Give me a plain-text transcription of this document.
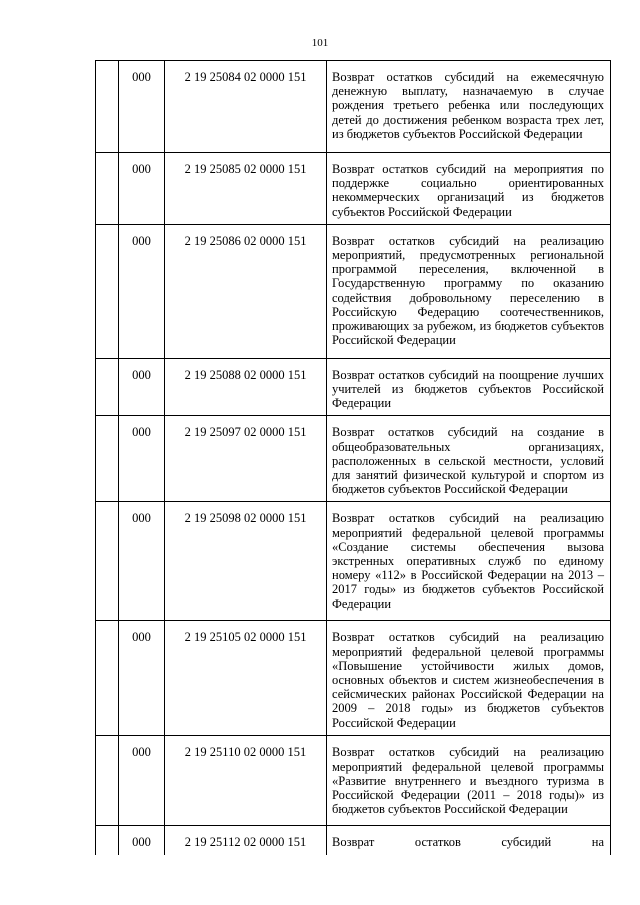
101
	000	2 19 25084 02 0000 151	Возврат остатков субсидий на ежемесячную денежную выплату, назначаемую в случае рождения третьего ребенка или последующих детей до достижения ребенком возраста трех лет, из бюджетов субъектов Российской Федерации
	000	2 19 25085 02 0000 151	Возврат остатков субсидий на мероприятия по поддержке социально ориентированных некоммерческих организаций из бюджетов субъектов Российской Федерации
	000	2 19 25086 02 0000 151	Возврат остатков субсидий на реализацию мероприятий, предусмотренных региональной программой переселения, включенной в Государственную программу по оказанию содействия добровольному переселению в Российскую Федерацию соотечественников, проживающих за рубежом, из бюджетов субъектов Российской Федерации
	000	2 19 25088 02 0000 151	Возврат остатков субсидий на поощрение лучших учителей из бюджетов субъектов Российской Федерации
	000	2 19 25097 02 0000 151	Возврат остатков субсидий на создание в общеобразовательных организациях, расположенных в сельской местности, условий для занятий физической культурой и спортом из бюджетов субъектов Российской Федерации
	000	2 19 25098 02 0000 151	Возврат остатков субсидий на реализацию мероприятий федеральной целевой программы «Создание системы обеспечения вызова экстренных оперативных служб по единому номеру «112» в Российской Федерации на 2013 – 2017 годы» из бюджетов субъектов Российской Федерации
	000	2 19 25105 02 0000 151	Возврат остатков субсидий на реализацию мероприятий федеральной целевой программы «Повышение устойчивости жилых домов, основных объектов и систем жизнеобеспечения в сейсмических районах Российской Федерации на 2009 – 2018 годы» из бюджетов субъектов Российской Федерации
	000	2 19 25110 02 0000 151	Возврат остатков субсидий на реализацию мероприятий федеральной целевой программы «Развитие внутреннего и въездного туризма в Российской Федерации (2011 – 2018 годы)» из бюджетов субъектов Российской Федерации
	000	2 19 25112 02 0000 151	Возврат остатков субсидий на
